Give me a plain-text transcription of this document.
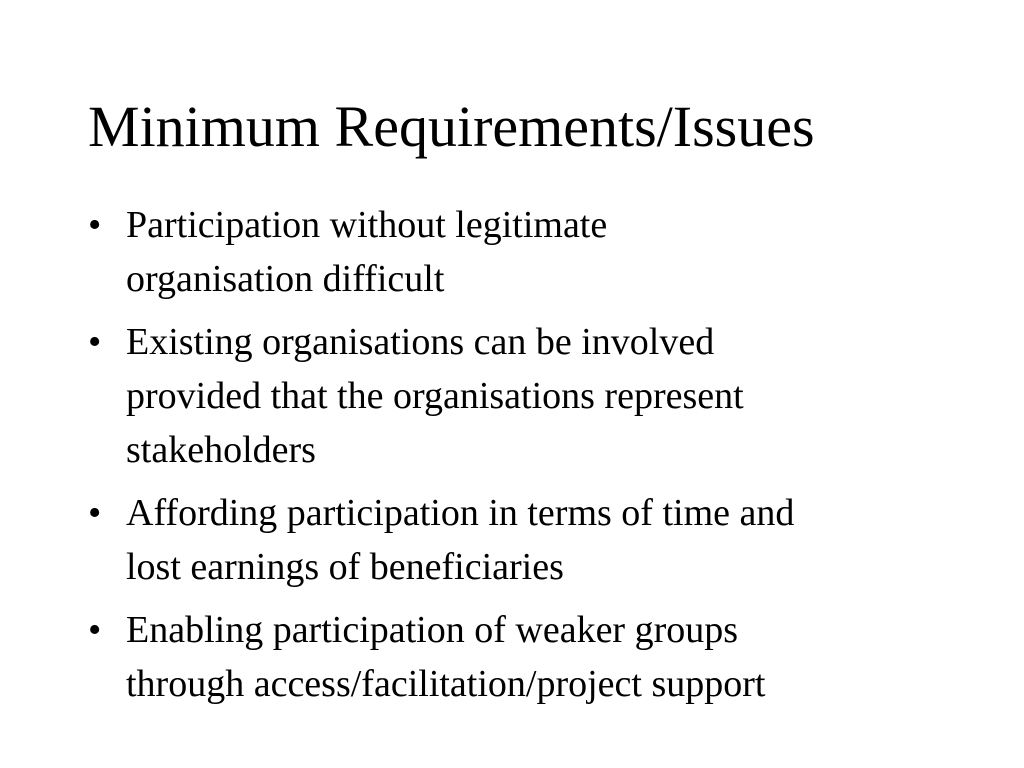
Minimum Requirements/Issues
• Participation without legitimate
organisation difficult
• Existing organisations can be involved
provided that the organisations represent
stakeholders
• Affording participation in terms of time and
lost earnings of beneficiaries
• Enabling participation of weaker groups
through access/facilitation/project support
